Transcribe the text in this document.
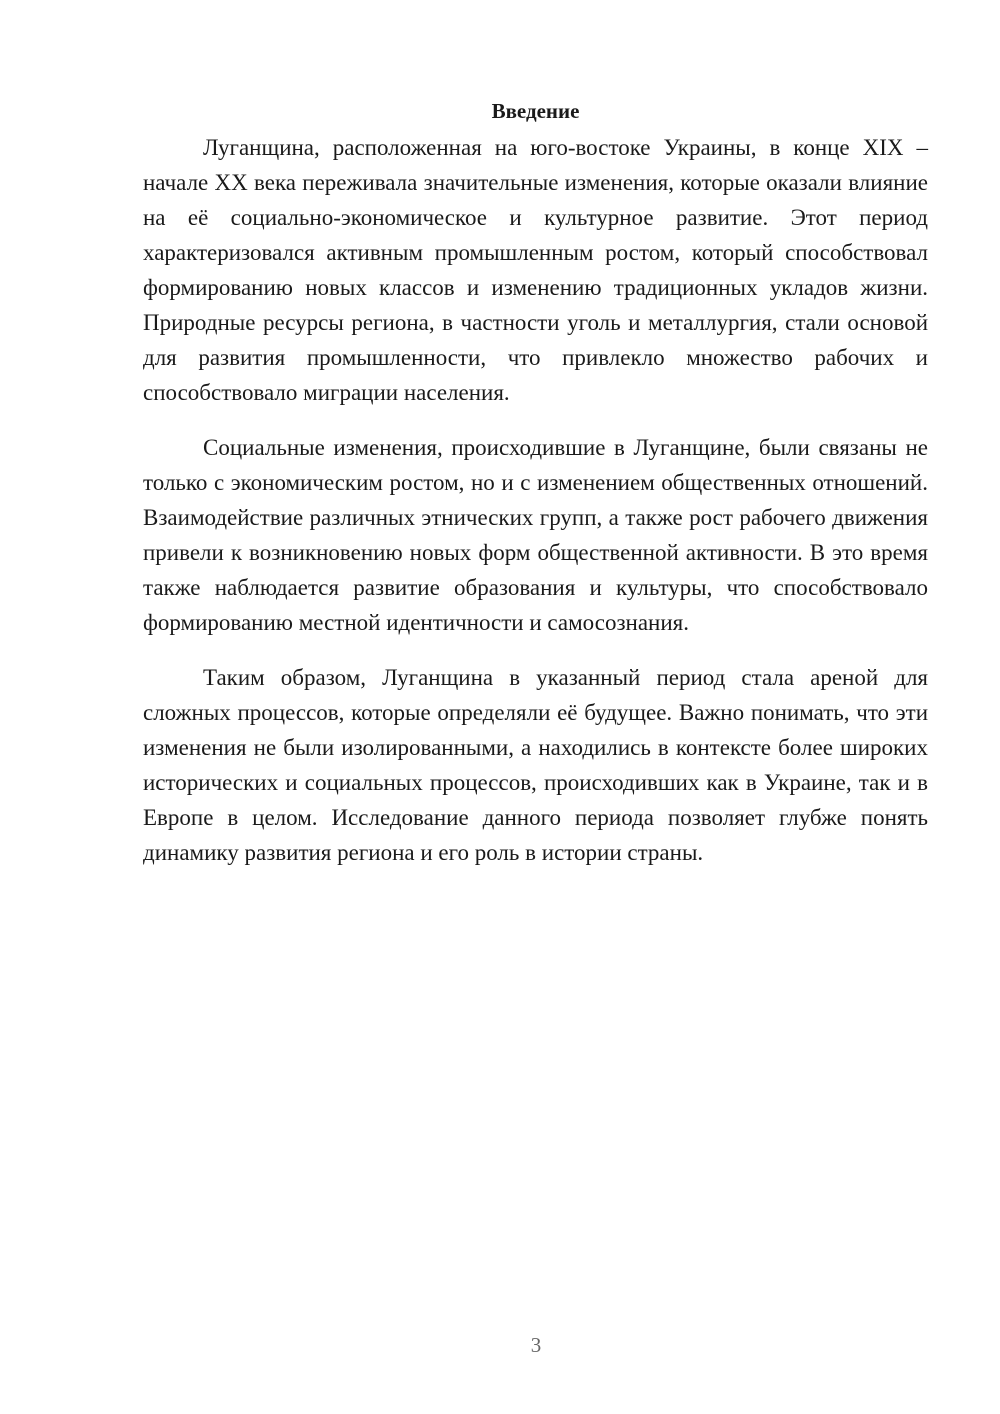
Введение

Луганщина, расположенная на юго-востоке Украины, в конце XIX – начале XX века переживала значительные изменения, которые оказали влияние на её социально-экономическое и культурное развитие. Этот период характеризовался активным промышленным ростом, который способствовал формированию новых классов и изменению традиционных укладов жизни. Природные ресурсы региона, в частности уголь и металлургия, стали основой для развития промышленности, что привлекло множество рабочих и способствовало миграции населения.

Социальные изменения, происходившие в Луганщине, были связаны не только с экономическим ростом, но и с изменением общественных отношений. Взаимодействие различных этнических групп, а также рост рабочего движения привели к возникновению новых форм общественной активности. В это время также наблюдается развитие образования и культуры, что способствовало формированию местной идентичности и самосознания.

Таким образом, Луганщина в указанный период стала ареной для сложных процессов, которые определяли её будущее. Важно понимать, что эти изменения не были изолированными, а находились в контексте более широких исторических и социальных процессов, происходивших как в Украине, так и в Европе в целом. Исследование данного периода позволяет глубже понять динамику развития региона и его роль в истории страны.

3
